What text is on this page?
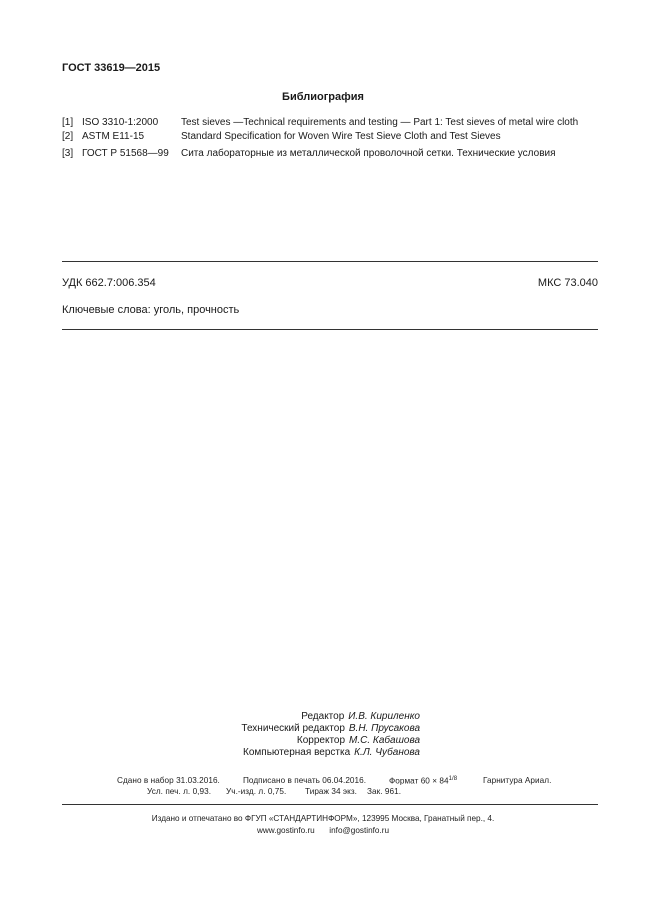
ГОСТ 33619—2015
Библиография
[1] ISO 3310-1:2000 Test sieves —Technical requirements and testing — Part 1: Test sieves of metal wire cloth
[2] ASTM E11-15	Standard Specification for Woven Wire Test Sieve Cloth and Test Sieves
[3] ГОСТ Р 51568—99 Сита лабораторные из металлической проволочной сетки. Технические условия
УДК 662.7:006.354	МКС 73.040
Ключевые слова: уголь, прочность
Редактор И.В. Кириленко
Технический редактор В.Н. Прусакова
Корректор М.С. Кабашова
Компьютерная верстка К.Л. Чубанова
Сдано в набор 31.03.2016.	Подписано в печать 06.04.2016.	Формат $60 \times 84^{1/8}$	Гарнитура Ариал.
Усл. печ. л. 0,93. Уч.-изд. л. 0,75. Тираж 34 экз. Зак. 961.
Издано и отпечатано во ФГУП «СТАНДАРТИНФОРМ», 123995 Москва, Гранатный пер., 4.
www.gostinfo.ru info@gostinfo.ru
